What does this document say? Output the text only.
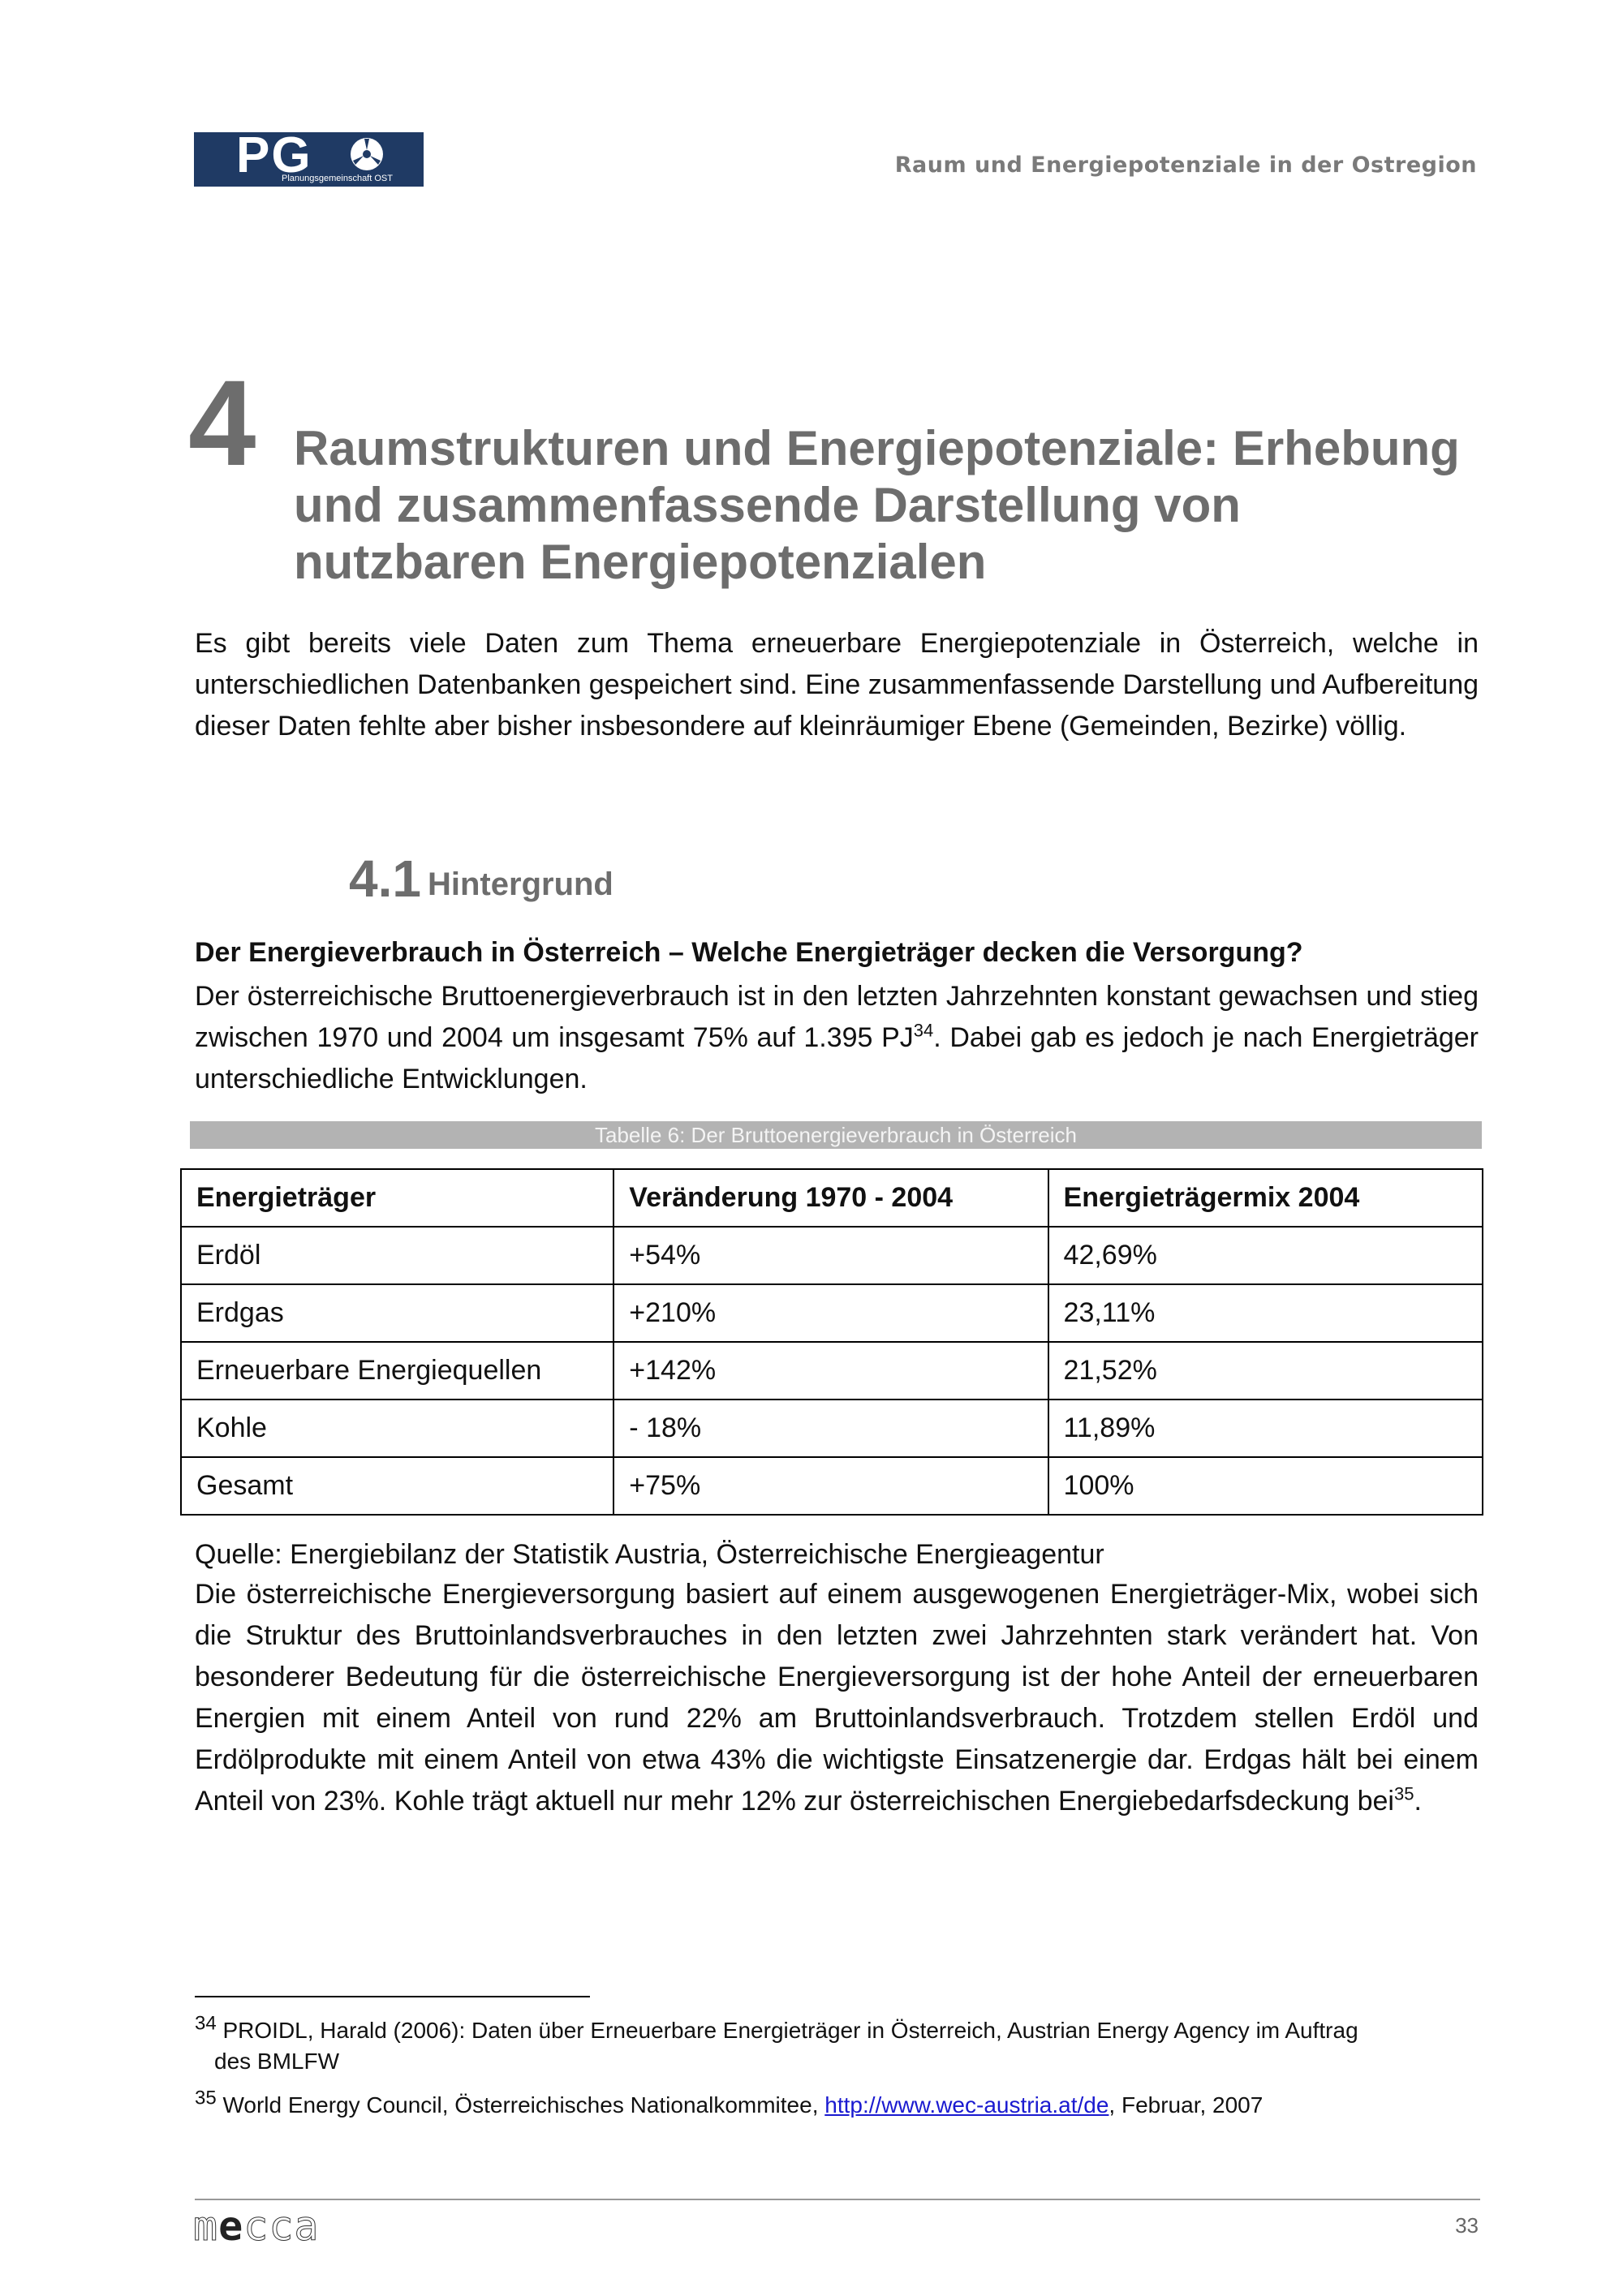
PG
Planungsgemeinschaft OST
Raum und Energiepotenziale in der Ostregion
4 Raumstrukturen und Energiepotenziale: Erhebung
und zusammenfassende Darstellung von
nutzbaren Energiepotenzialen

Es gibt bereits viele Daten zum Thema erneuerbare Energiepotenziale in Österreich, welche in unterschiedlichen Datenbanken gespeichert sind. Eine zusammenfassende Darstellung und Aufbereitung dieser Daten fehlte aber bisher insbesondere auf kleinräumiger Ebene (Gemeinden, Bezirke) völlig.

4.1 Hintergrund
Der Energieverbrauch in Österreich – Welche Energieträger decken die Versorgung?

Der österreichische Bruttoenergieverbrauch ist in den letzten Jahrzehnten konstant gewachsen und stieg zwischen 1970 und 2004 um insgesamt 75% auf 1.395 PJ$^{34}$. Dabei gab es jedoch je nach Energieträger unterschiedliche Entwicklungen.

Tabelle 6: Der Bruttoenergieverbrauch in Österreich
Energieträger	Veränderung 1970 - 2004	Energieträgermix 2004
Erdöl	+54%	42,69%
Erdgas	+210%	23,11%
Erneuerbare Energiequellen	+142%	21,52%
Kohle	- 18%	11,89%
Gesamt	+75%	100%
Quelle: Energiebilanz der Statistik Austria, Österreichische Energieagentur

Die österreichische Energieversorgung basiert auf einem ausgewogenen Energieträger-Mix, wobei sich die Struktur des Bruttoinlandsverbrauches in den letzten zwei Jahrzehnten stark verändert hat. Von besonderer Bedeutung für die österreichische Energieversorgung ist der hohe Anteil der erneuerbaren Energien mit einem Anteil von rund 22% am Bruttoinlandsverbrauch. Trotzdem stellen Erdöl und Erdölprodukte mit einem Anteil von etwa 43% die wichtigste Einsatzenergie dar. Erdgas hält bei einem Anteil von 23%. Kohle trägt aktuell nur mehr 12% zur österreichischen Energiebedarfsdeckung bei$^{35}$.

$^{34}$ PROIDL, Harald (2006): Daten über Erneuerbare Energieträger in Österreich, Austrian Energy Agency im Auftrag
des BMLFW
$^{35}$ World Energy Council, Österreichisches Nationalkommitee, http://www.wec-austria.at/de, Februar, 2007
mecca	33
